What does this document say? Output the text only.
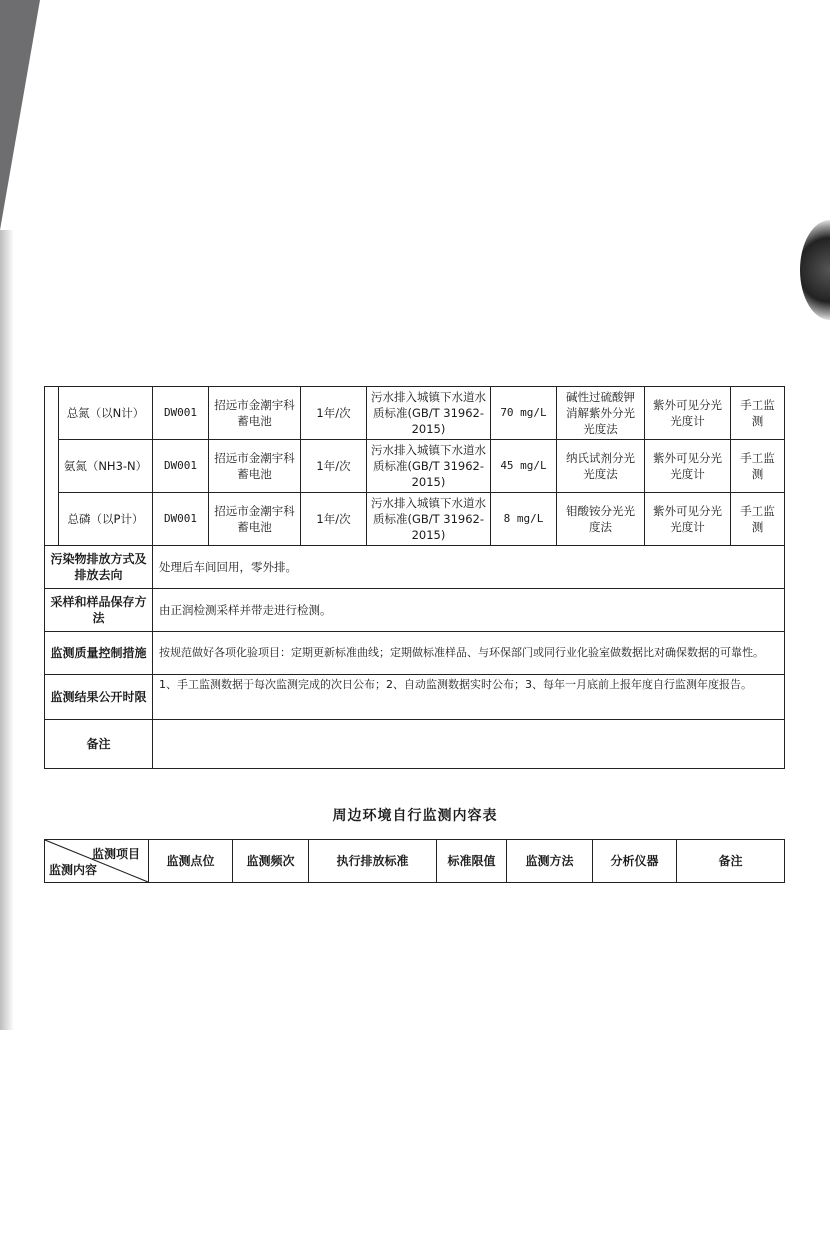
	总氮（以N计）	DW001	招远市金潮宇科蓄电池	1年/次	污水排入城镇下水道水质标准(GB/T 31962-2015)	70 mg/L	碱性过硫酸钾消解紫外分光光度法	紫外可见分光光度计	手工监测
	氨氮（NH3-N）	DW001	招远市金潮宇科蓄电池	1年/次	污水排入城镇下水道水质标准(GB/T 31962-2015)	45 mg/L	纳氏试剂分光光度法	紫外可见分光光度计	手工监测
	总磷（以P计）	DW001	招远市金潮宇科蓄电池	1年/次	污水排入城镇下水道水质标准(GB/T 31962-2015)	8 mg/L	钼酸铵分光光度法	紫外可见分光光度计	手工监测
污染物排放方式及排放去向		处理后车间回用，零外排。							
采样和样品保存方法		由正润检测采样并带走进行检测。							
监测质量控制措施		按规范做好各项化验项目：定期更新标准曲线；定期做标准样品、与环保部门或同行业化验室做数据比对确保数据的可靠性。							
监测结果公开时限		1、手工监测数据于每次监测完成的次日公布；2、自动监测数据实时公布；3、每年一月底前上报年度自行监测年度报告。							
备注									
周边环境自行监测内容表
监测项目
监测内容
	监测点位	监测频次	执行排放标准	标准限值	监测方法	分析仪器	备注
